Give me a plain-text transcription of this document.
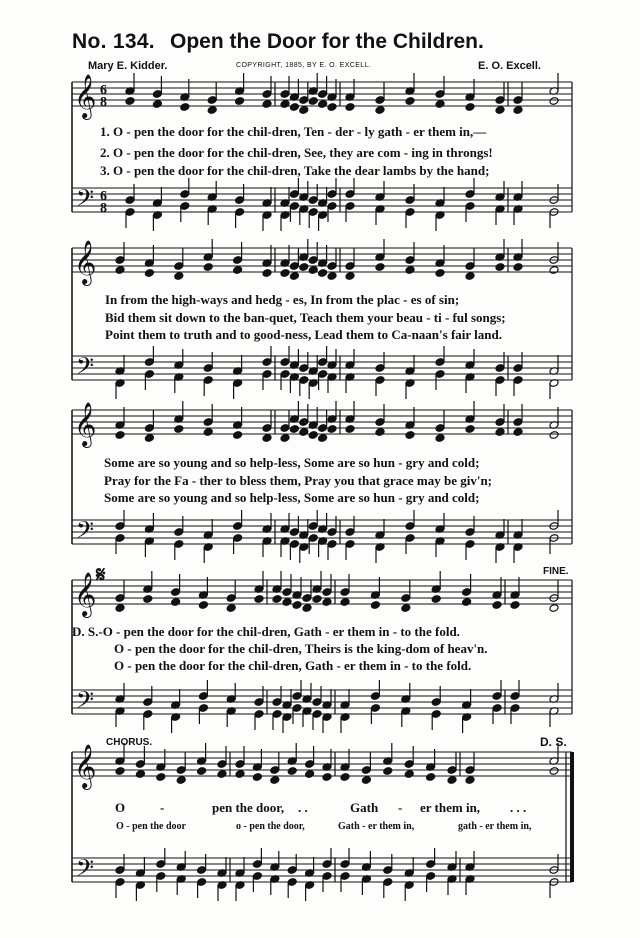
No. 134. Open the Door for the Children.
Mary E. Kidder.	COPYRIGHT, 1885, BY E. O. EXCELL.	E. O. Excell.
𝄞
𝄢
6
8
6
8
𝄞
𝄢
𝄞
𝄢
𝄞
𝄢
𝄞
𝄢
1. O - pen the door for the chil-dren, Ten - der - ly gath - er them in,—
2. O - pen the door for the chil-dren, See, they are com - ing in throngs!
3. O - pen the door for the chil-dren, Take the dear lambs by the hand;
In from the high-ways and hedg - es, In from the plac - es of sin;
Bid them sit down to the ban-quet, Teach them your beau - ti - ful songs;
Point them to truth and to good-ness, Lead them to Ca-naan's fair land.
Some are so young and so help-less, Some are so hun - gry and cold;
Pray for the Fa - ther to bless them, Pray you that grace may be giv'n;
Some are so young and so help-less, Some are so hun - gry and cold;
D. S.-O - pen the door for the chil-dren, Gath - er them in - to the fold.
O - pen the door for the chil-dren, Theirs is the king-dom of heav'n.
O - pen the door for the chil-dren, Gath - er them in - to the fold.
𝄋	FINE.
CHORUS.	D. S.
O	-	pen the door, . .	Gath - er them in, . . .
O - pen the door	o - pen the door,	Gath - er them in,	gath - er them in,
